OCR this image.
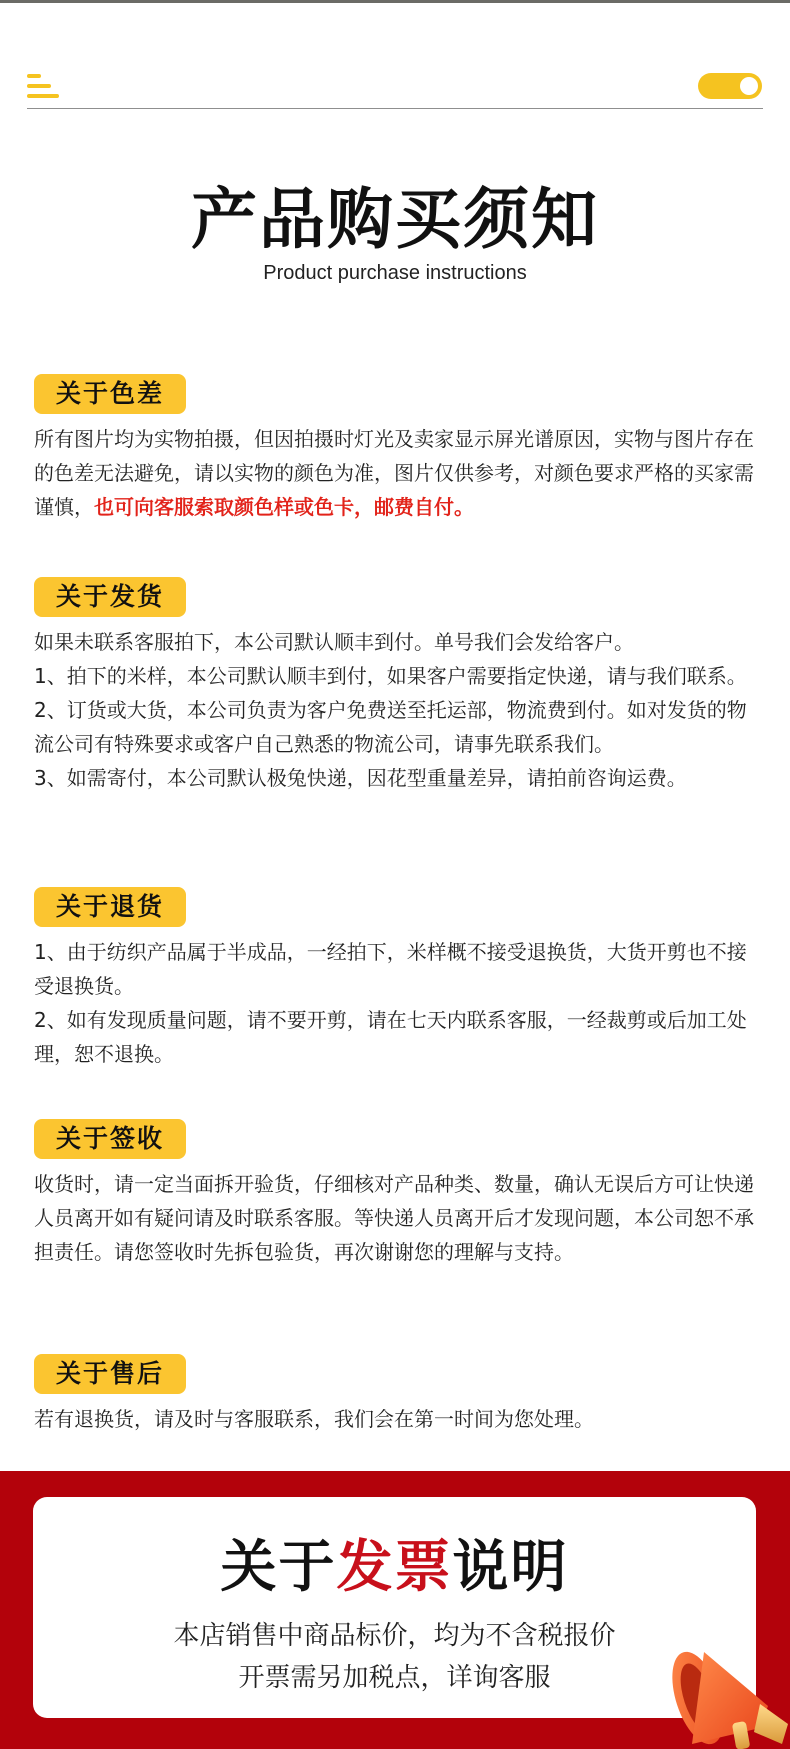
产品购买须知
Product purchase instructions
关于色差

所有图片均为实物拍摄，但因拍摄时灯光及卖家显示屏光谱原因，实物与图片存在的色差无法避免，请以实物的颜色为准，图片仅供参考，对颜色要求严格的买家需谨慎，也可向客服索取颜色样或色卡，邮费自付。

关于发货

如果未联系客服拍下，本公司默认顺丰到付。单号我们会发给客户。

1、拍下的米样，本公司默认顺丰到付，如果客户需要指定快递，请与我们联系。

2、订货或大货，本公司负责为客户免费送至托运部，物流费到付。如对发货的物流公司有特殊要求或客户自己熟悉的物流公司，请事先联系我们。

3、如需寄付，本公司默认极兔快递，因花型重量差异，请拍前咨询运费。

关于退货

1、由于纺织产品属于半成品，一经拍下，米样概不接受退换货，大货开剪也不接受退换货。

2、如有发现质量问题，请不要开剪，请在七天内联系客服，一经裁剪或后加工处理，恕不退换。

关于签收

收货时，请一定当面拆开验货，仔细核对产品种类、数量，确认无误后方可让快递人员离开如有疑问请及时联系客服。等快递人员离开后才发现问题，本公司恕不承担责任。请您签收时先拆包验货，再次谢谢您的理解与支持。

关于售后

若有退换货，请及时与客服联系，我们会在第一时间为您处理。

关于发票说明
本店销售中商品标价，均为不含税报价
开票需另加税点，详询客服
